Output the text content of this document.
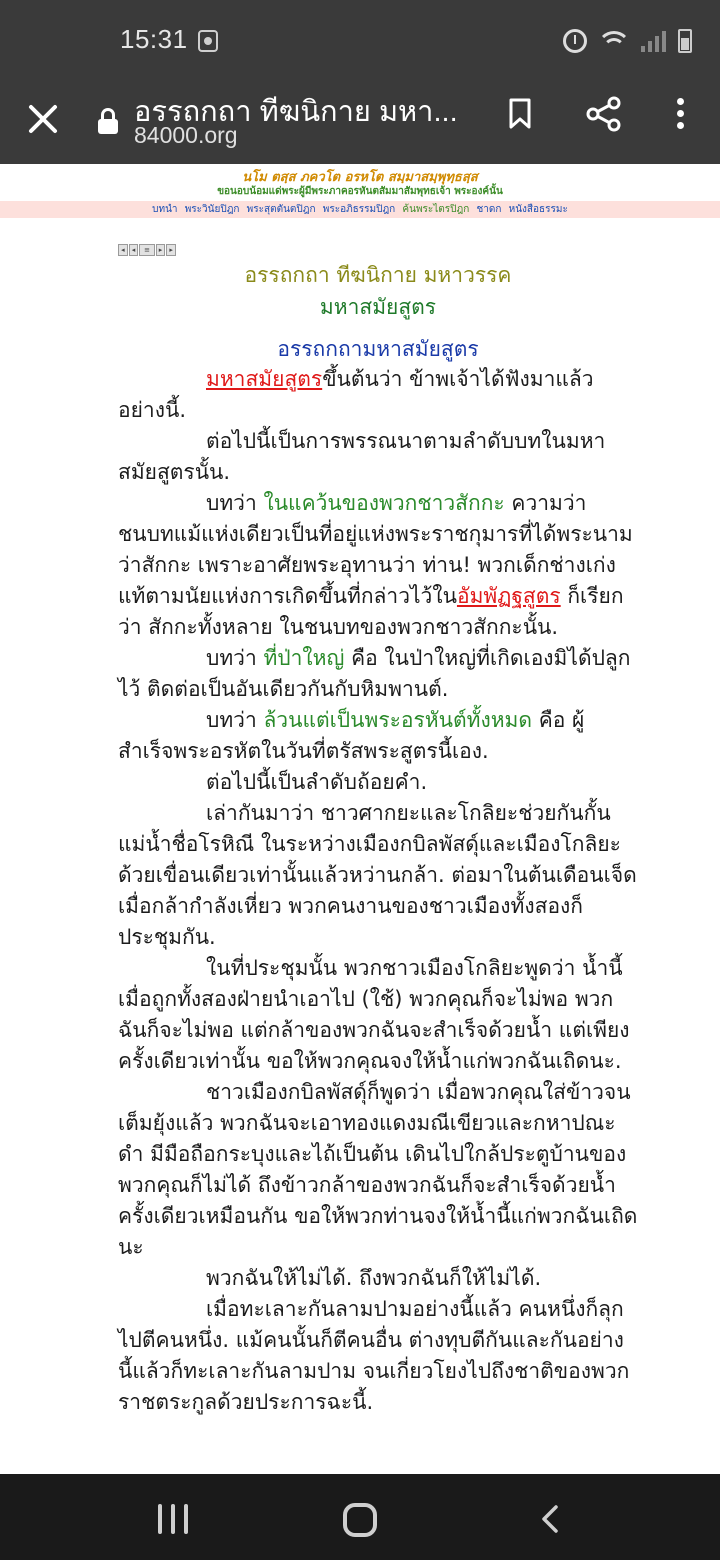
15:31
อรรถกถา ทีฆนิกาย มหา...
84000.org
นโม ตสฺส ภควโต อรหโต สมฺมาสมฺพุทฺธสฺส
ขอนอบน้อมแด่พระผู้มีพระภาคอรหันตสัมมาสัมพุทธเจ้า พระองค์นั้น
บทนำ พระวินัยปิฎก พระสุตตันตปิฎก พระอภิธรรมปิฎก ค้นพระไตรปิฎก ชาดก หนังสือธรรมะ
◂	◂	≡	▸	▸
อรรถกถา ทีฆนิกาย มหาวรรค
มหาสมัยสูตร
อรรถกถามหาสมัยสูตร

มหาสมัยสูตรขึ้นต้นว่า ข้าพเจ้าได้ฟังมาแล้วอย่างนี้.

ต่อไปนี้เป็นการพรรณนาตามลำดับบทในมหาสมัยสูตรนั้น.

บทว่า ในแคว้นของพวกชาวสักกะ ความว่า ชนบทแม้แห่งเดียวเป็นที่อยู่แห่งพระราชกุมารที่ได้พระนามว่าสักกะ เพราะอาศัยพระอุทานว่า ท่าน! พวกเด็กช่างเก่งแท้ตามนัยแห่งการเกิดขึ้นที่กล่าวไว้ในอัมพัฏฐสูตร ก็เรียกว่า สักกะทั้งหลาย ในชนบทของพวกชาวสักกะนั้น.

บทว่า ที่ป่าใหญ่ คือ ในป่าใหญ่ที่เกิดเองมิได้ปลูกไว้ ติดต่อเป็นอันเดียวกันกับหิมพานต์.

บทว่า ล้วนแต่เป็นพระอรหันต์ทั้งหมด คือ ผู้สำเร็จพระอรหัตในวันที่ตรัสพระสูตรนี้เอง.

ต่อไปนี้เป็นลำดับถ้อยคำ.

เล่ากันมาว่า ชาวศากยะและโกลิยะช่วยกันกั้นแม่น้ำชื่อโรหิณี ในระหว่างเมืองกบิลพัสดุ์และเมืองโกลิยะด้วยเขื่อนเดียวเท่านั้นแล้วหว่านกล้า. ต่อมาในต้นเดือนเจ็ด เมื่อกล้ากำลังเหี่ยว พวกคนงานของชาวเมืองทั้งสองก็ประชุมกัน.

ในที่ประชุมนั้น พวกชาวเมืองโกลิยะพูดว่า น้ำนี้เมื่อถูกทั้งสองฝ่ายนำเอาไป (ใช้) พวกคุณก็จะไม่พอ พวกฉันก็จะไม่พอ แต่กล้าของพวกฉันจะสำเร็จด้วยน้ำ แต่เพียงครั้งเดียวเท่านั้น ขอให้พวกคุณจงให้น้ำแก่พวกฉันเถิดนะ.

ชาวเมืองกบิลพัสดุ์ก็พูดว่า เมื่อพวกคุณใส่ข้าวจนเต็มยุ้งแล้ว พวกฉันจะเอาทองแดงมณีเขียวและกหาปณะดำ มีมือถือกระบุงและไถ้เป็นต้น เดินไปใกล้ประตูบ้านของพวกคุณก็ไม่ได้ ถึงข้าวกล้าของพวกฉันก็จะสำเร็จด้วยน้ำครั้งเดียวเหมือนกัน ขอให้พวกท่านจงให้น้ำนี้แก่พวกฉันเถิดนะ

พวกฉันให้ไม่ได้. ถึงพวกฉันก็ให้ไม่ได้.

เมื่อทะเลาะกันลามปามอย่างนี้แล้ว คนหนึ่งก็ลุกไปตีคนหนึ่ง. แม้คนนั้นก็ตีคนอื่น ต่างทุบตีกันและกันอย่างนี้แล้วก็ทะเลาะกันลามปาม จนเกี่ยวโยงไปถึงชาติของพวกราชตระกูลด้วยประการฉะนี้.
